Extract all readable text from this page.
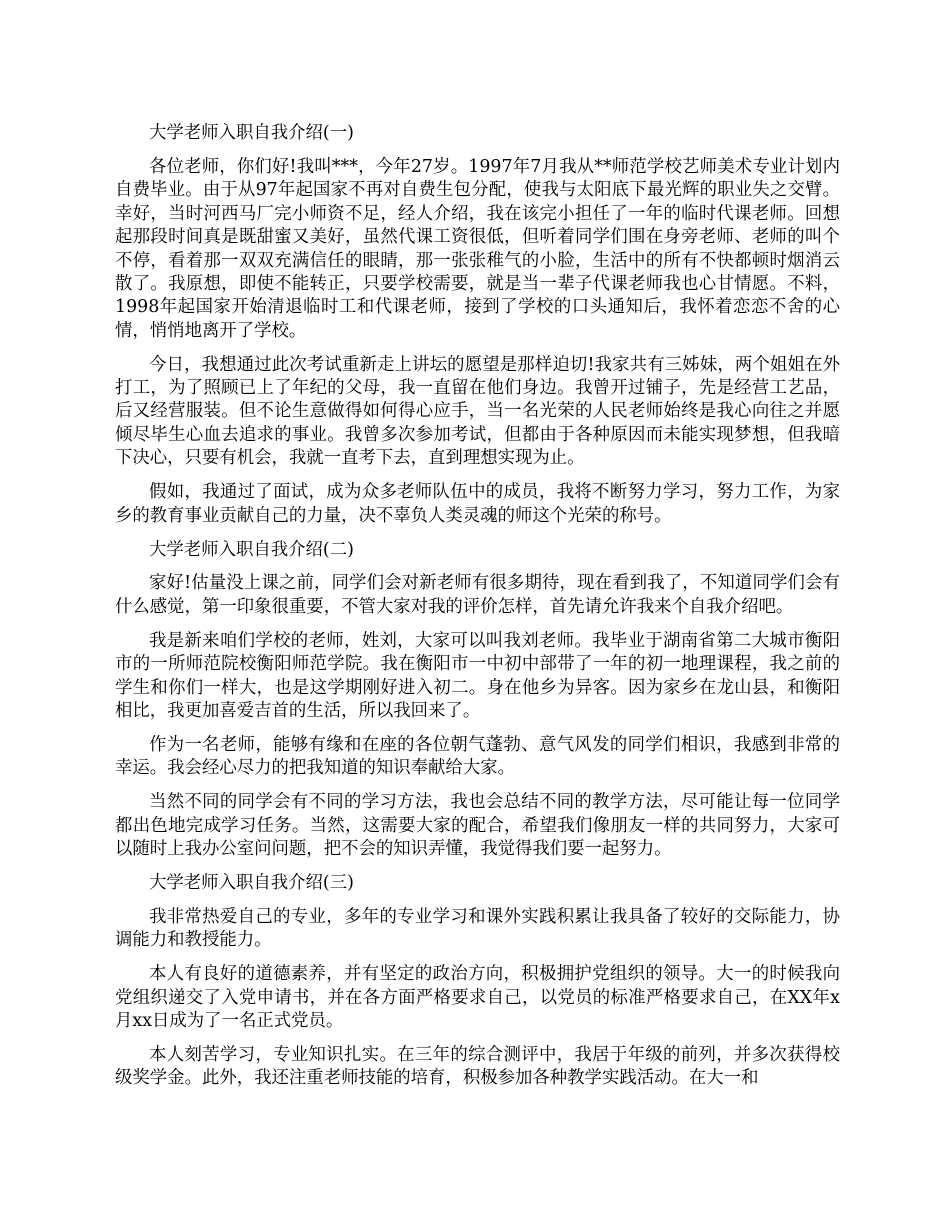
大学老师入职自我介绍(一)

各位老师，你们好!我叫***，今年27岁。1997年7月我从**师范学校艺师美术专业计划内自费毕业。由于从97年起国家不再对自费生包分配，使我与太阳底下最光辉的职业失之交臂。幸好，当时河西马厂完小师资不足，经人介绍，我在该完小担任了一年的临时代课老师。回想起那段时间真是既甜蜜又美好，虽然代课工资很低，但听着同学们围在身旁老师、老师的叫个不停，看着那一双双充满信任的眼睛，那一张张稚气的小脸，生活中的所有不快都顿时烟消云散了。我原想，即使不能转正，只要学校需要，就是当一辈子代课老师我也心甘情愿。不料，1998年起国家开始清退临时工和代课老师，接到了学校的口头通知后，我怀着恋恋不舍的心情，悄悄地离开了学校。

今日，我想通过此次考试重新走上讲坛的愿望是那样迫切!我家共有三姊妹，两个姐姐在外打工，为了照顾已上了年纪的父母，我一直留在他们身边。我曾开过铺子，先是经营工艺品，后又经营服装。但不论生意做得如何得心应手，当一名光荣的人民老师始终是我心向往之并愿倾尽毕生心血去追求的事业。我曾多次参加考试，但都由于各种原因而未能实现梦想，但我暗下决心，只要有机会，我就一直考下去，直到理想实现为止。

假如，我通过了面试，成为众多老师队伍中的成员，我将不断努力学习，努力工作，为家乡的教育事业贡献自己的力量，决不辜负人类灵魂的师这个光荣的称号。

大学老师入职自我介绍(二)

家好!估量没上课之前，同学们会对新老师有很多期待，现在看到我了，不知道同学们会有什么感觉，第一印象很重要，不管大家对我的评价怎样，首先请允许我来个自我介绍吧。

我是新来咱们学校的老师，姓刘，大家可以叫我刘老师。我毕业于湖南省第二大城市衡阳市的一所师范院校衡阳师范学院。我在衡阳市一中初中部带了一年的初一地理课程，我之前的学生和你们一样大，也是这学期刚好进入初二。身在他乡为异客。因为家乡在龙山县，和衡阳相比，我更加喜爱吉首的生活，所以我回来了。

作为一名老师，能够有缘和在座的各位朝气蓬勃、意气风发的同学们相识，我感到非常的幸运。我会经心尽力的把我知道的知识奉献给大家。

当然不同的同学会有不同的学习方法，我也会总结不同的教学方法，尽可能让每一位同学都出色地完成学习任务。当然，这需要大家的配合，希望我们像朋友一样的共同努力，大家可以随时上我办公室问问题，把不会的知识弄懂，我觉得我们要一起努力。

大学老师入职自我介绍(三)

我非常热爱自己的专业，多年的专业学习和课外实践积累让我具备了较好的交际能力，协调能力和教授能力。

本人有良好的道德素养，并有坚定的政治方向，积极拥护党组织的领导。大一的时候我向党组织递交了入党申请书，并在各方面严格要求自己，以党员的标准严格要求自己，在XX年x月xx日成为了一名正式党员。

本人刻苦学习，专业知识扎实。在三年的综合测评中，我居于年级的前列，并多次获得校级奖学金。此外，我还注重老师技能的培育，积极参加各种教学实践活动。在大一和
